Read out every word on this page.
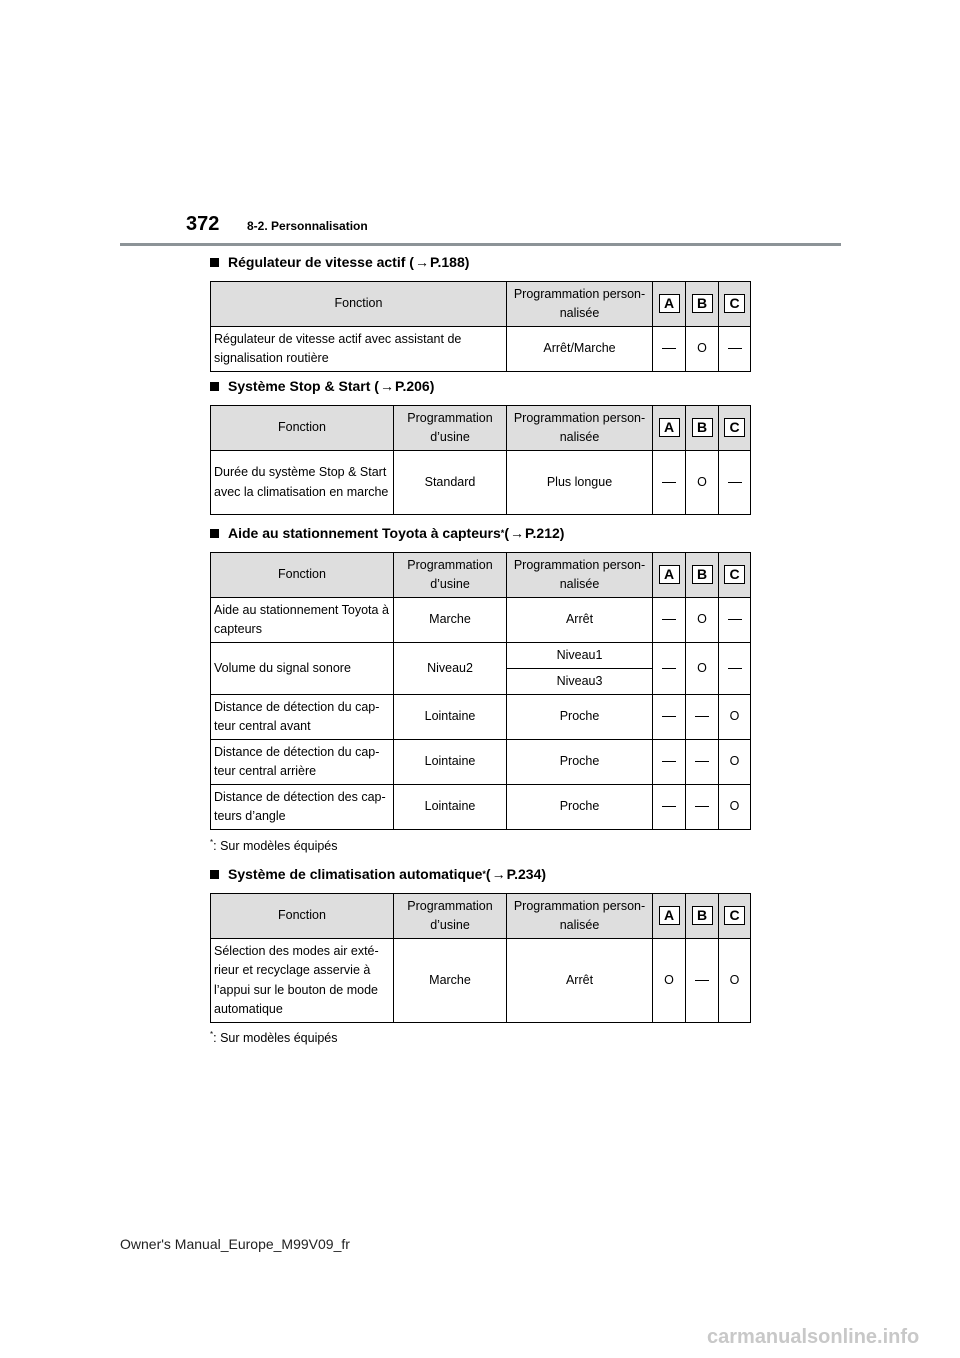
372 8-2. Personnalisation
Régulateur de vitesse actif ( → P.188 )
Fonction	Programmation person-nalisée	A	B	C
Régulateur de vitesse actif avec assistant de signalisation routière	Arrêt/Marche		O	
Système Stop & Start ( → P.206 )
Fonction	Programmation d’usine	Programmation person-nalisée	A	B	C
Durée du système Stop & Start avec la climatisation en marche	Standard	Plus longue		O	
Aide au stationnement Toyota à capteurs * ( → P.212 )
Fonction	Programmation d’usine	Programmation person-nalisée	A	B	C
Aide au stationnement Toyota à capteurs	Marche	Arrêt		O	
Volume du signal sonore	Niveau2	Niveau1		O	
		Niveau3			
Distance de détection du cap-teur central avant	Lointaine	Proche			O
Distance de détection du cap-teur central arrière	Lointaine	Proche			O
Distance de détection des cap-teurs d’angle	Lointaine	Proche			O
*: Sur modèles équipés
Système de climatisation automatique * ( → P.234 )
Fonction	Programmation d’usine	Programmation person-nalisée	A	B	C
Sélection des modes air exté-rieur et recyclage asservie à l’appui sur le bouton de mode automatique	Marche	Arrêt	O		O
*: Sur modèles équipés
Owner's Manual_Europe_M99V09_fr
carmanualsonline.info
